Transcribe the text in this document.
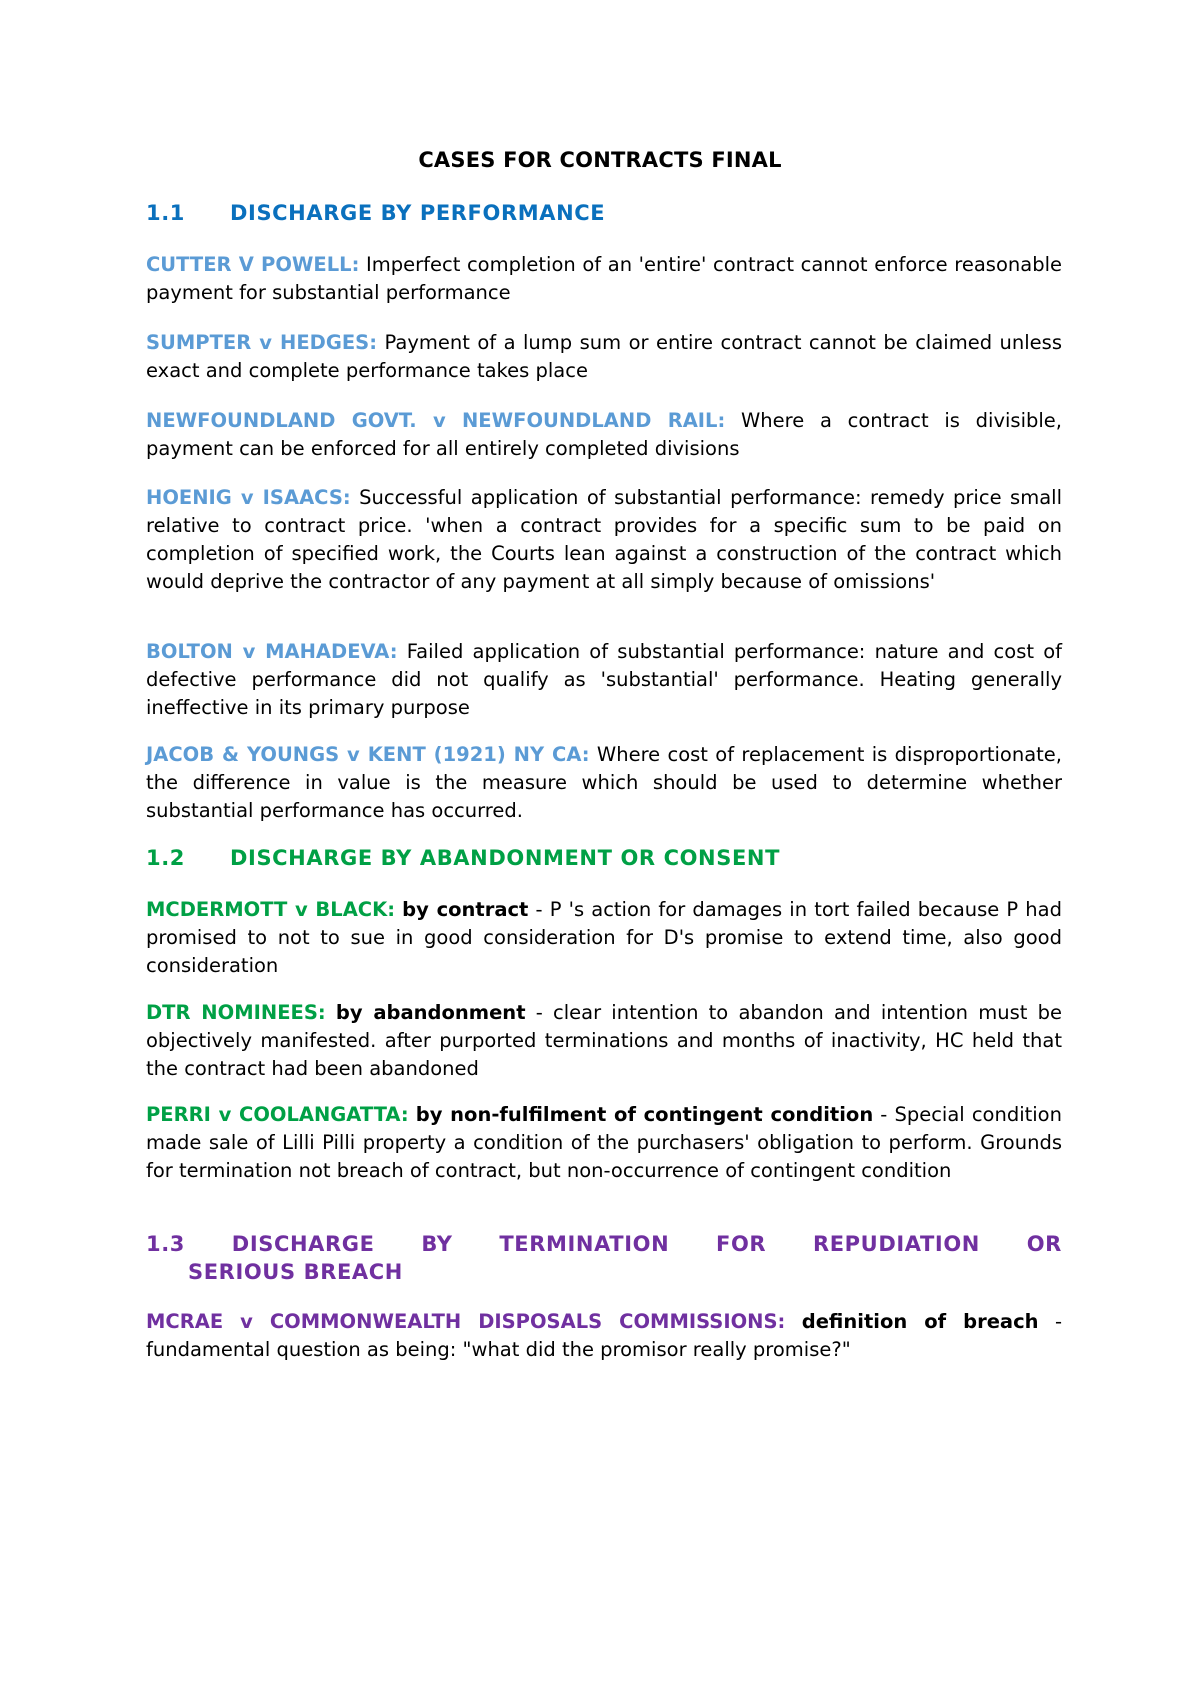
CASES FOR CONTRACTS FINAL
1.1 DISCHARGE BY PERFORMANCE
CUTTER V POWELL: Imperfect completion of an 'entire' contract cannot enforce reasonable payment for substantial performance
SUMPTER v HEDGES: Payment of a lump sum or entire contract cannot be claimed unless exact and complete performance takes place
NEWFOUNDLAND GOVT. v NEWFOUNDLAND RAIL: Where a contract is divisible, payment can be enforced for all entirely completed divisions
HOENIG v ISAACS: Successful application of substantial performance: remedy price small relative to contract price. 'when a contract provides for a specific sum to be paid on completion of specified work, the Courts lean against a construction of the contract which would deprive the contractor of any payment at all simply because of omissions'
BOLTON v MAHADEVA: Failed application of substantial performance: nature and cost of defective performance did not qualify as 'substantial' performance. Heating generally ineffective in its primary purpose
JACOB & YOUNGS v KENT (1921) NY CA: Where cost of replacement is disproportionate, the difference in value is the measure which should be used to determine whether substantial performance has occurred.
1.2 DISCHARGE BY ABANDONMENT OR CONSENT
MCDERMOTT v BLACK: by contract - P 's action for damages in tort failed because P had promised to not to sue in good consideration for D's promise to extend time, also good consideration
DTR NOMINEES: by abandonment - clear intention to abandon and intention must be objectively manifested. after purported terminations and months of inactivity, HC held that the contract had been abandoned
PERRI v COOLANGATTA: by non-fulfilment of contingent condition - Special condition made sale of Lilli Pilli property a condition of the purchasers' obligation to perform. Grounds for termination not breach of contract, but non-occurrence of contingent condition
1.3 DISCHARGE BY TERMINATION FOR REPUDIATION OR
SERIOUS BREACH
MCRAE v COMMONWEALTH DISPOSALS COMMISSIONS: definition of breach - fundamental question as being: "what did the promisor really promise?"
